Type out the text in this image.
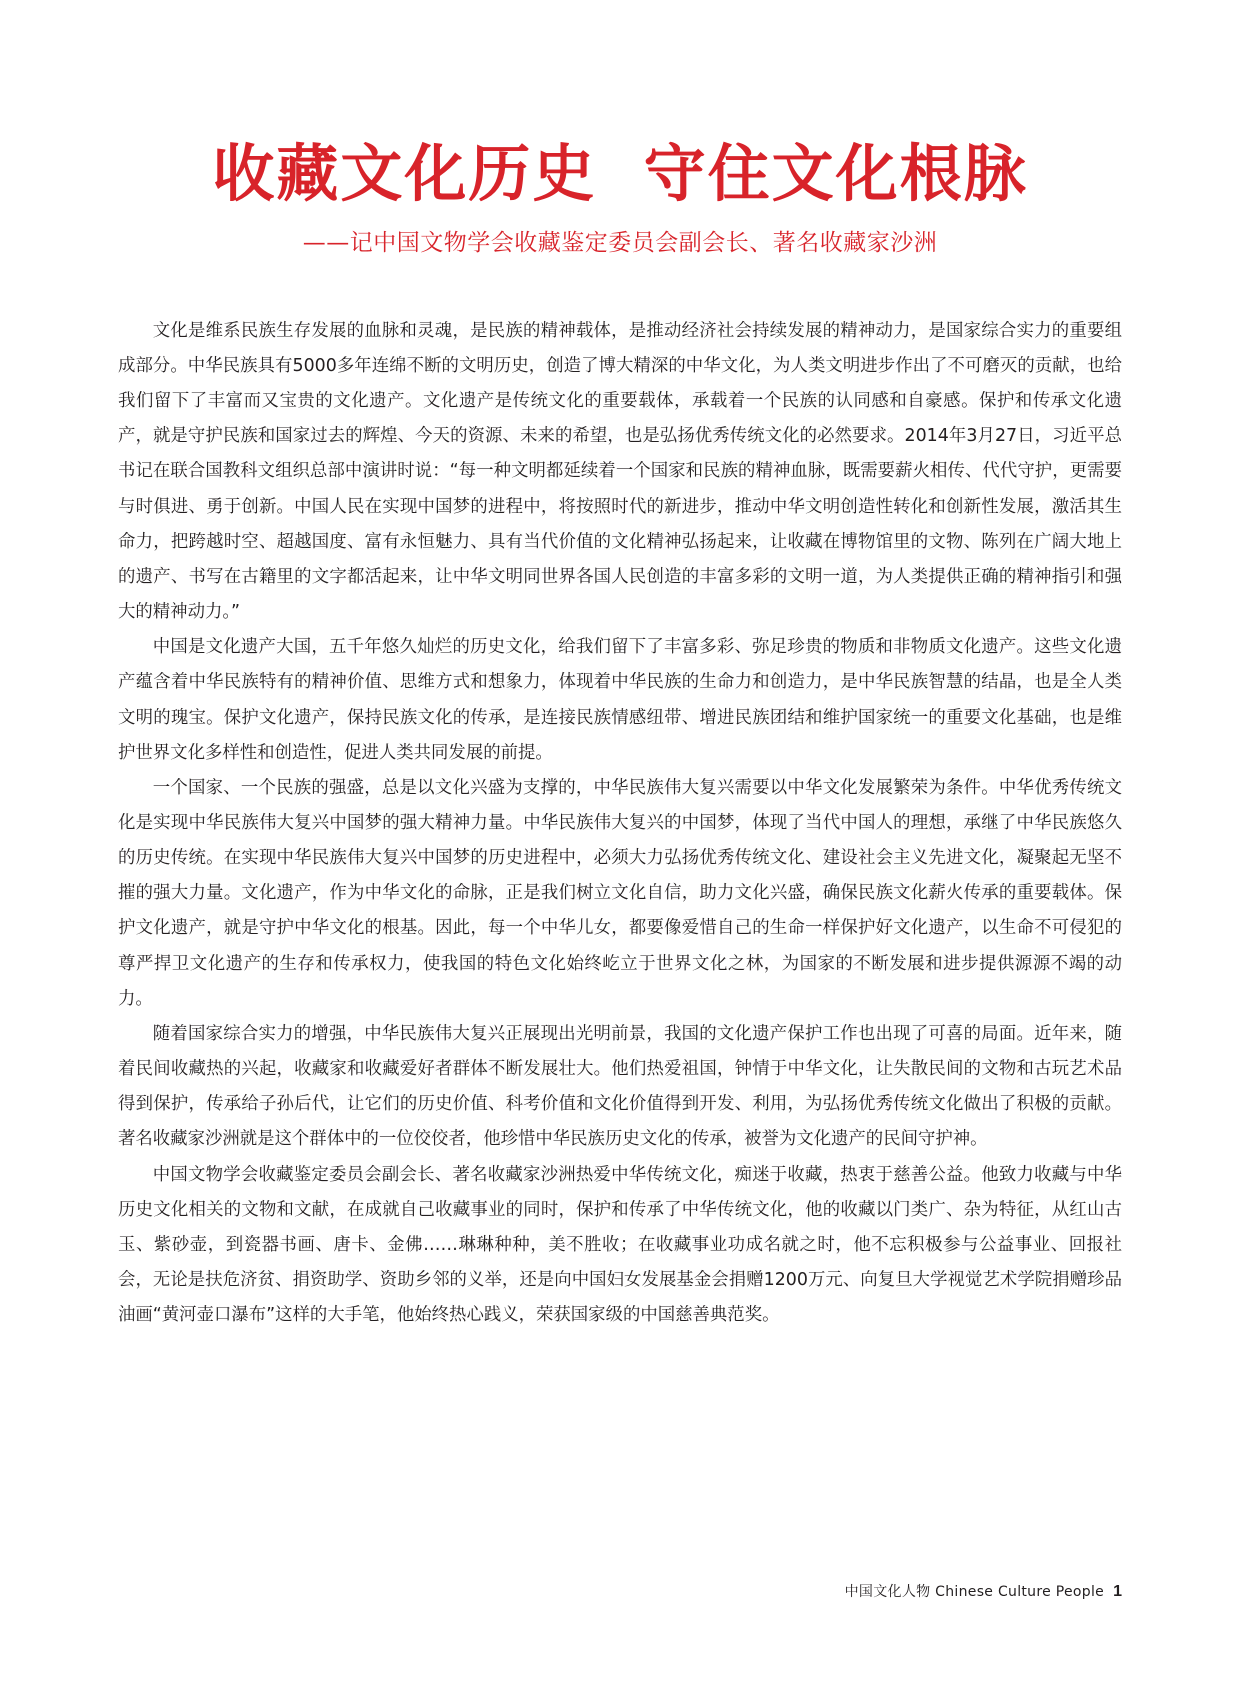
收藏文化历史  守住文化根脉

——记中国文物学会收藏鉴定委员会副会长、著名收藏家沙洲

文化是维系民族生存发展的血脉和灵魂，是民族的精神载体，是推动经济社会持续发展的精神动力，是国家综合实力的重要组成部分。中华民族具有5000多年连绵不断的文明历史，创造了博大精深的中华文化，为人类文明进步作出了不可磨灭的贡献，也给我们留下了丰富而又宝贵的文化遗产。文化遗产是传统文化的重要载体，承载着一个民族的认同感和自豪感。保护和传承文化遗产，就是守护民族和国家过去的辉煌、今天的资源、未来的希望，也是弘扬优秀传统文化的必然要求。2014年3月27日，习近平总书记在联合国教科文组织总部中演讲时说：“每一种文明都延续着一个国家和民族的精神血脉，既需要薪火相传、代代守护，更需要与时俱进、勇于创新。中国人民在实现中国梦的进程中，将按照时代的新进步，推动中华文明创造性转化和创新性发展，激活其生命力，把跨越时空、超越国度、富有永恒魅力、具有当代价值的文化精神弘扬起来，让收藏在博物馆里的文物、陈列在广阔大地上的遗产、书写在古籍里的文字都活起来，让中华文明同世界各国人民创造的丰富多彩的文明一道，为人类提供正确的精神指引和强大的精神动力。”

中国是文化遗产大国，五千年悠久灿烂的历史文化，给我们留下了丰富多彩、弥足珍贵的物质和非物质文化遗产。这些文化遗产蕴含着中华民族特有的精神价值、思维方式和想象力，体现着中华民族的生命力和创造力，是中华民族智慧的结晶，也是全人类文明的瑰宝。保护文化遗产，保持民族文化的传承，是连接民族情感纽带、增进民族团结和维护国家统一的重要文化基础，也是维护世界文化多样性和创造性，促进人类共同发展的前提。

一个国家、一个民族的强盛，总是以文化兴盛为支撑的，中华民族伟大复兴需要以中华文化发展繁荣为条件。中华优秀传统文化是实现中华民族伟大复兴中国梦的强大精神力量。中华民族伟大复兴的中国梦，体现了当代中国人的理想，承继了中华民族悠久的历史传统。在实现中华民族伟大复兴中国梦的历史进程中，必须大力弘扬优秀传统文化、建设社会主义先进文化，凝聚起无坚不摧的强大力量。文化遗产，作为中华文化的命脉，正是我们树立文化自信，助力文化兴盛，确保民族文化薪火传承的重要载体。保护文化遗产，就是守护中华文化的根基。因此，每一个中华儿女，都要像爱惜自己的生命一样保护好文化遗产，以生命不可侵犯的尊严捍卫文化遗产的生存和传承权力，使我国的特色文化始终屹立于世界文化之林，为国家的不断发展和进步提供源源不竭的动力。

随着国家综合实力的增强，中华民族伟大复兴正展现出光明前景，我国的文化遗产保护工作也出现了可喜的局面。近年来，随着民间收藏热的兴起，收藏家和收藏爱好者群体不断发展壮大。他们热爱祖国，钟情于中华文化，让失散民间的文物和古玩艺术品得到保护，传承给子孙后代，让它们的历史价值、科考价值和文化价值得到开发、利用，为弘扬优秀传统文化做出了积极的贡献。著名收藏家沙洲就是这个群体中的一位佼佼者，他珍惜中华民族历史文化的传承，被誉为文化遗产的民间守护神。

中国文物学会收藏鉴定委员会副会长、著名收藏家沙洲热爱中华传统文化，痴迷于收藏，热衷于慈善公益。他致力收藏与中华历史文化相关的文物和文献，在成就自己收藏事业的同时，保护和传承了中华传统文化，他的收藏以门类广、杂为特征，从红山古玉、紫砂壶，到瓷器书画、唐卡、金佛……琳琳种种，美不胜收；在收藏事业功成名就之时，他不忘积极参与公益事业、回报社会，无论是扶危济贫、捐资助学、资助乡邻的义举，还是向中国妇女发展基金会捐赠1200万元、向复旦大学视觉艺术学院捐赠珍品油画“黄河壶口瀑布”这样的大手笔，他始终热心践义，荣获国家级的中国慈善典范奖。

中国文化人物 Chinese Culture People 1
